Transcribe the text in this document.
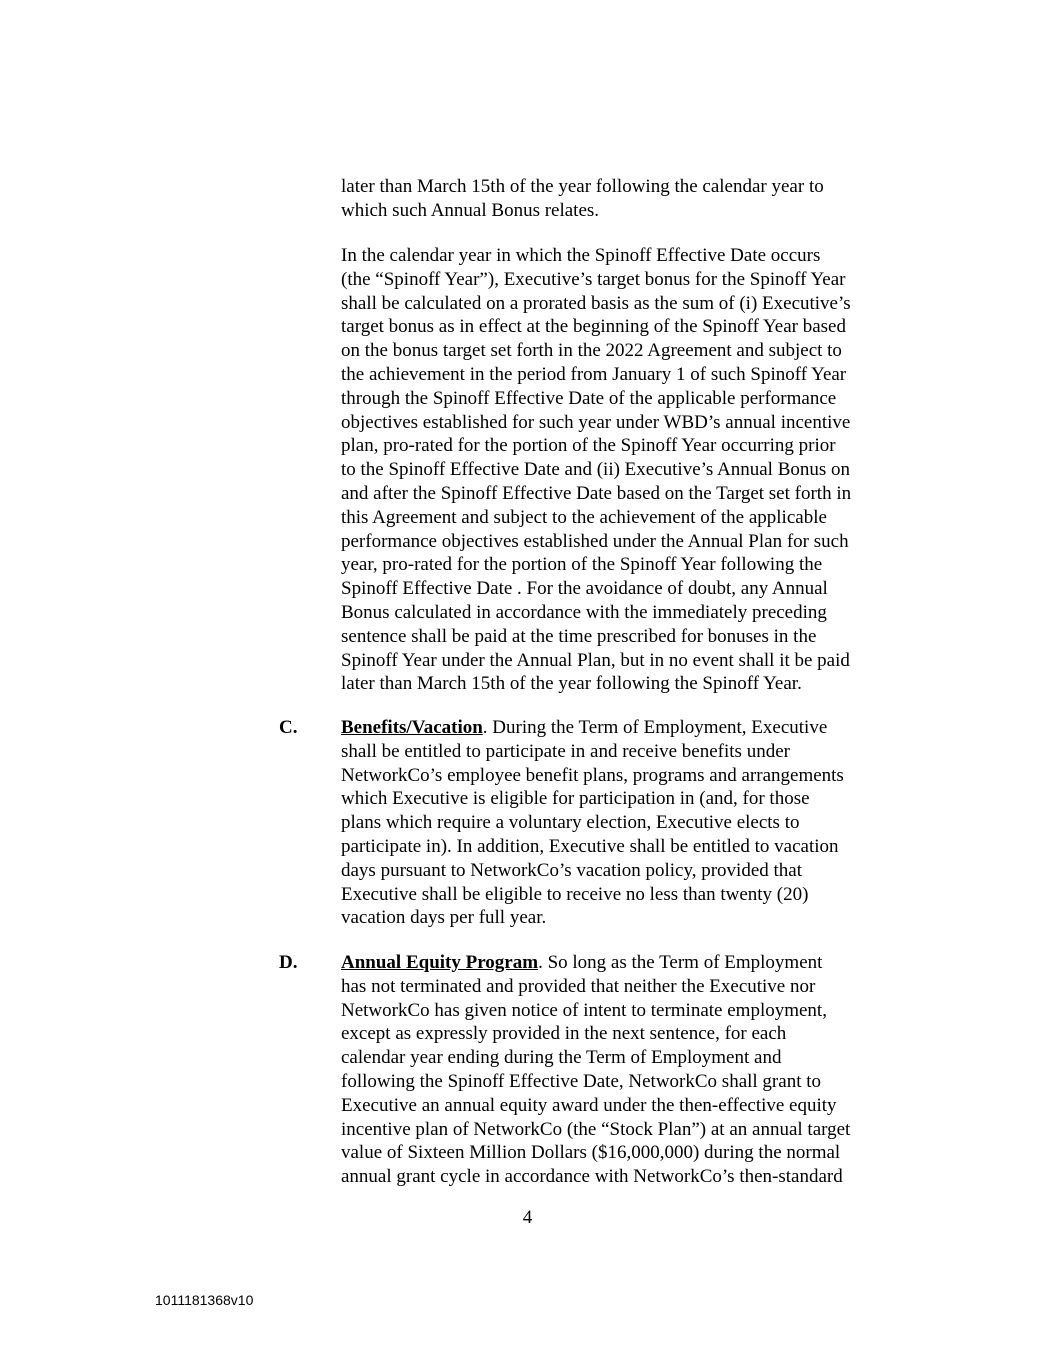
later than March 15th of the year following the calendar year to
which such Annual Bonus relates.
In the calendar year in which the Spinoff Effective Date occurs
(the “Spinoff Year”), Executive’s target bonus for the Spinoff Year
shall be calculated on a prorated basis as the sum of (i) Executive’s
target bonus as in effect at the beginning of the Spinoff Year based
on the bonus target set forth in the 2022 Agreement and subject to
the achievement in the period from January 1 of such Spinoff Year
through the Spinoff Effective Date of the applicable performance
objectives established for such year under WBD’s annual incentive
plan, pro-rated for the portion of the Spinoff Year occurring prior
to the Spinoff Effective Date and (ii) Executive’s Annual Bonus on
and after the Spinoff Effective Date based on the Target set forth in
this Agreement and subject to the achievement of the applicable
performance objectives established under the Annual Plan for such
year, pro-rated for the portion of the Spinoff Year following the
Spinoff Effective Date . For the avoidance of doubt, any Annual
Bonus calculated in accordance with the immediately preceding
sentence shall be paid at the time prescribed for bonuses in the
Spinoff Year under the Annual Plan, but in no event shall it be paid
later than March 15th of the year following the Spinoff Year.
C. Benefits/Vacation. During the Term of Employment, Executive
shall be entitled to participate in and receive benefits under
NetworkCo’s employee benefit plans, programs and arrangements
which Executive is eligible for participation in (and, for those
plans which require a voluntary election, Executive elects to
participate in). In addition, Executive shall be entitled to vacation
days pursuant to NetworkCo’s vacation policy, provided that
Executive shall be eligible to receive no less than twenty (20)
vacation days per full year.
D. Annual Equity Program. So long as the Term of Employment
has not terminated and provided that neither the Executive nor
NetworkCo has given notice of intent to terminate employment,
except as expressly provided in the next sentence, for each
calendar year ending during the Term of Employment and
following the Spinoff Effective Date, NetworkCo shall grant to
Executive an annual equity award under the then-effective equity
incentive plan of NetworkCo (the “Stock Plan”) at an annual target
value of Sixteen Million Dollars ($16,000,000) during the normal
annual grant cycle in accordance with NetworkCo’s then-standard
4
1011181368v10
